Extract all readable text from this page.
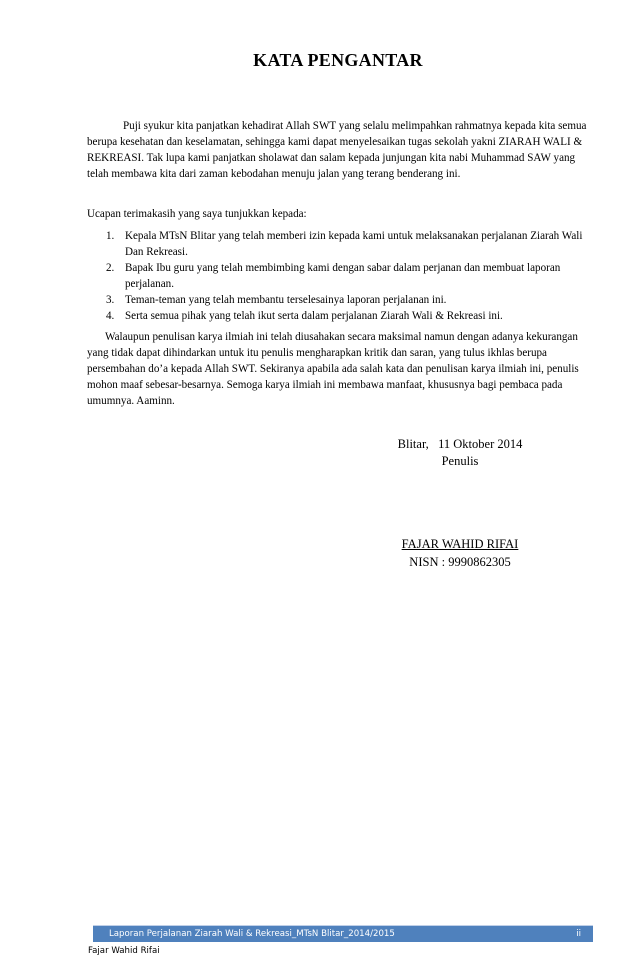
KATA PENGANTAR

Puji syukur kita panjatkan kehadirat Allah SWT yang selalu melimpahkan rahmatnya kepada kita semua berupa kesehatan dan keselamatan, sehingga kami dapat menyelesaikan tugas sekolah yakni ZIARAH WALI & REKREASI. Tak lupa kami panjatkan sholawat dan salam kepada junjungan kita nabi Muhammad SAW yang telah membawa kita dari zaman kebodahan menuju jalan yang terang benderang ini.

Ucapan terimakasih yang saya tunjukkan kepada:

1. Kepala MTsN Blitar yang telah memberi izin kepada kami untuk melaksanakan perjalanan Ziarah Wali Dan Rekreasi.
2. Bapak Ibu guru yang telah membimbing kami dengan sabar dalam perjanan dan membuat laporan perjalanan.
3. Teman-teman yang telah membantu terselesainya laporan perjalanan ini.
4. Serta semua pihak yang telah ikut serta dalam perjalanan Ziarah Wali & Rekreasi ini.

Walaupun penulisan karya ilmiah ini telah diusahakan secara maksimal namun dengan adanya kekurangan yang tidak dapat dihindarkan untuk itu penulis mengharapkan kritik dan saran, yang tulus ikhlas berupa persembahan do’a kepada Allah SWT. Sekiranya apabila ada salah kata dan penulisan karya ilmiah ini, penulis mohon maaf sebesar-besarnya. Semoga karya ilmiah ini membawa manfaat, khususnya bagi pembaca pada umumnya. Aaminn.

Blitar,   11 Oktober 2014
Penulis
FAJAR WAHID RIFAI
NISN : 9990862305
Laporan Perjalanan Ziarah Wali & Rekreasi_MTsN Blitar_2014/2015	ii
Fajar Wahid Rifai
